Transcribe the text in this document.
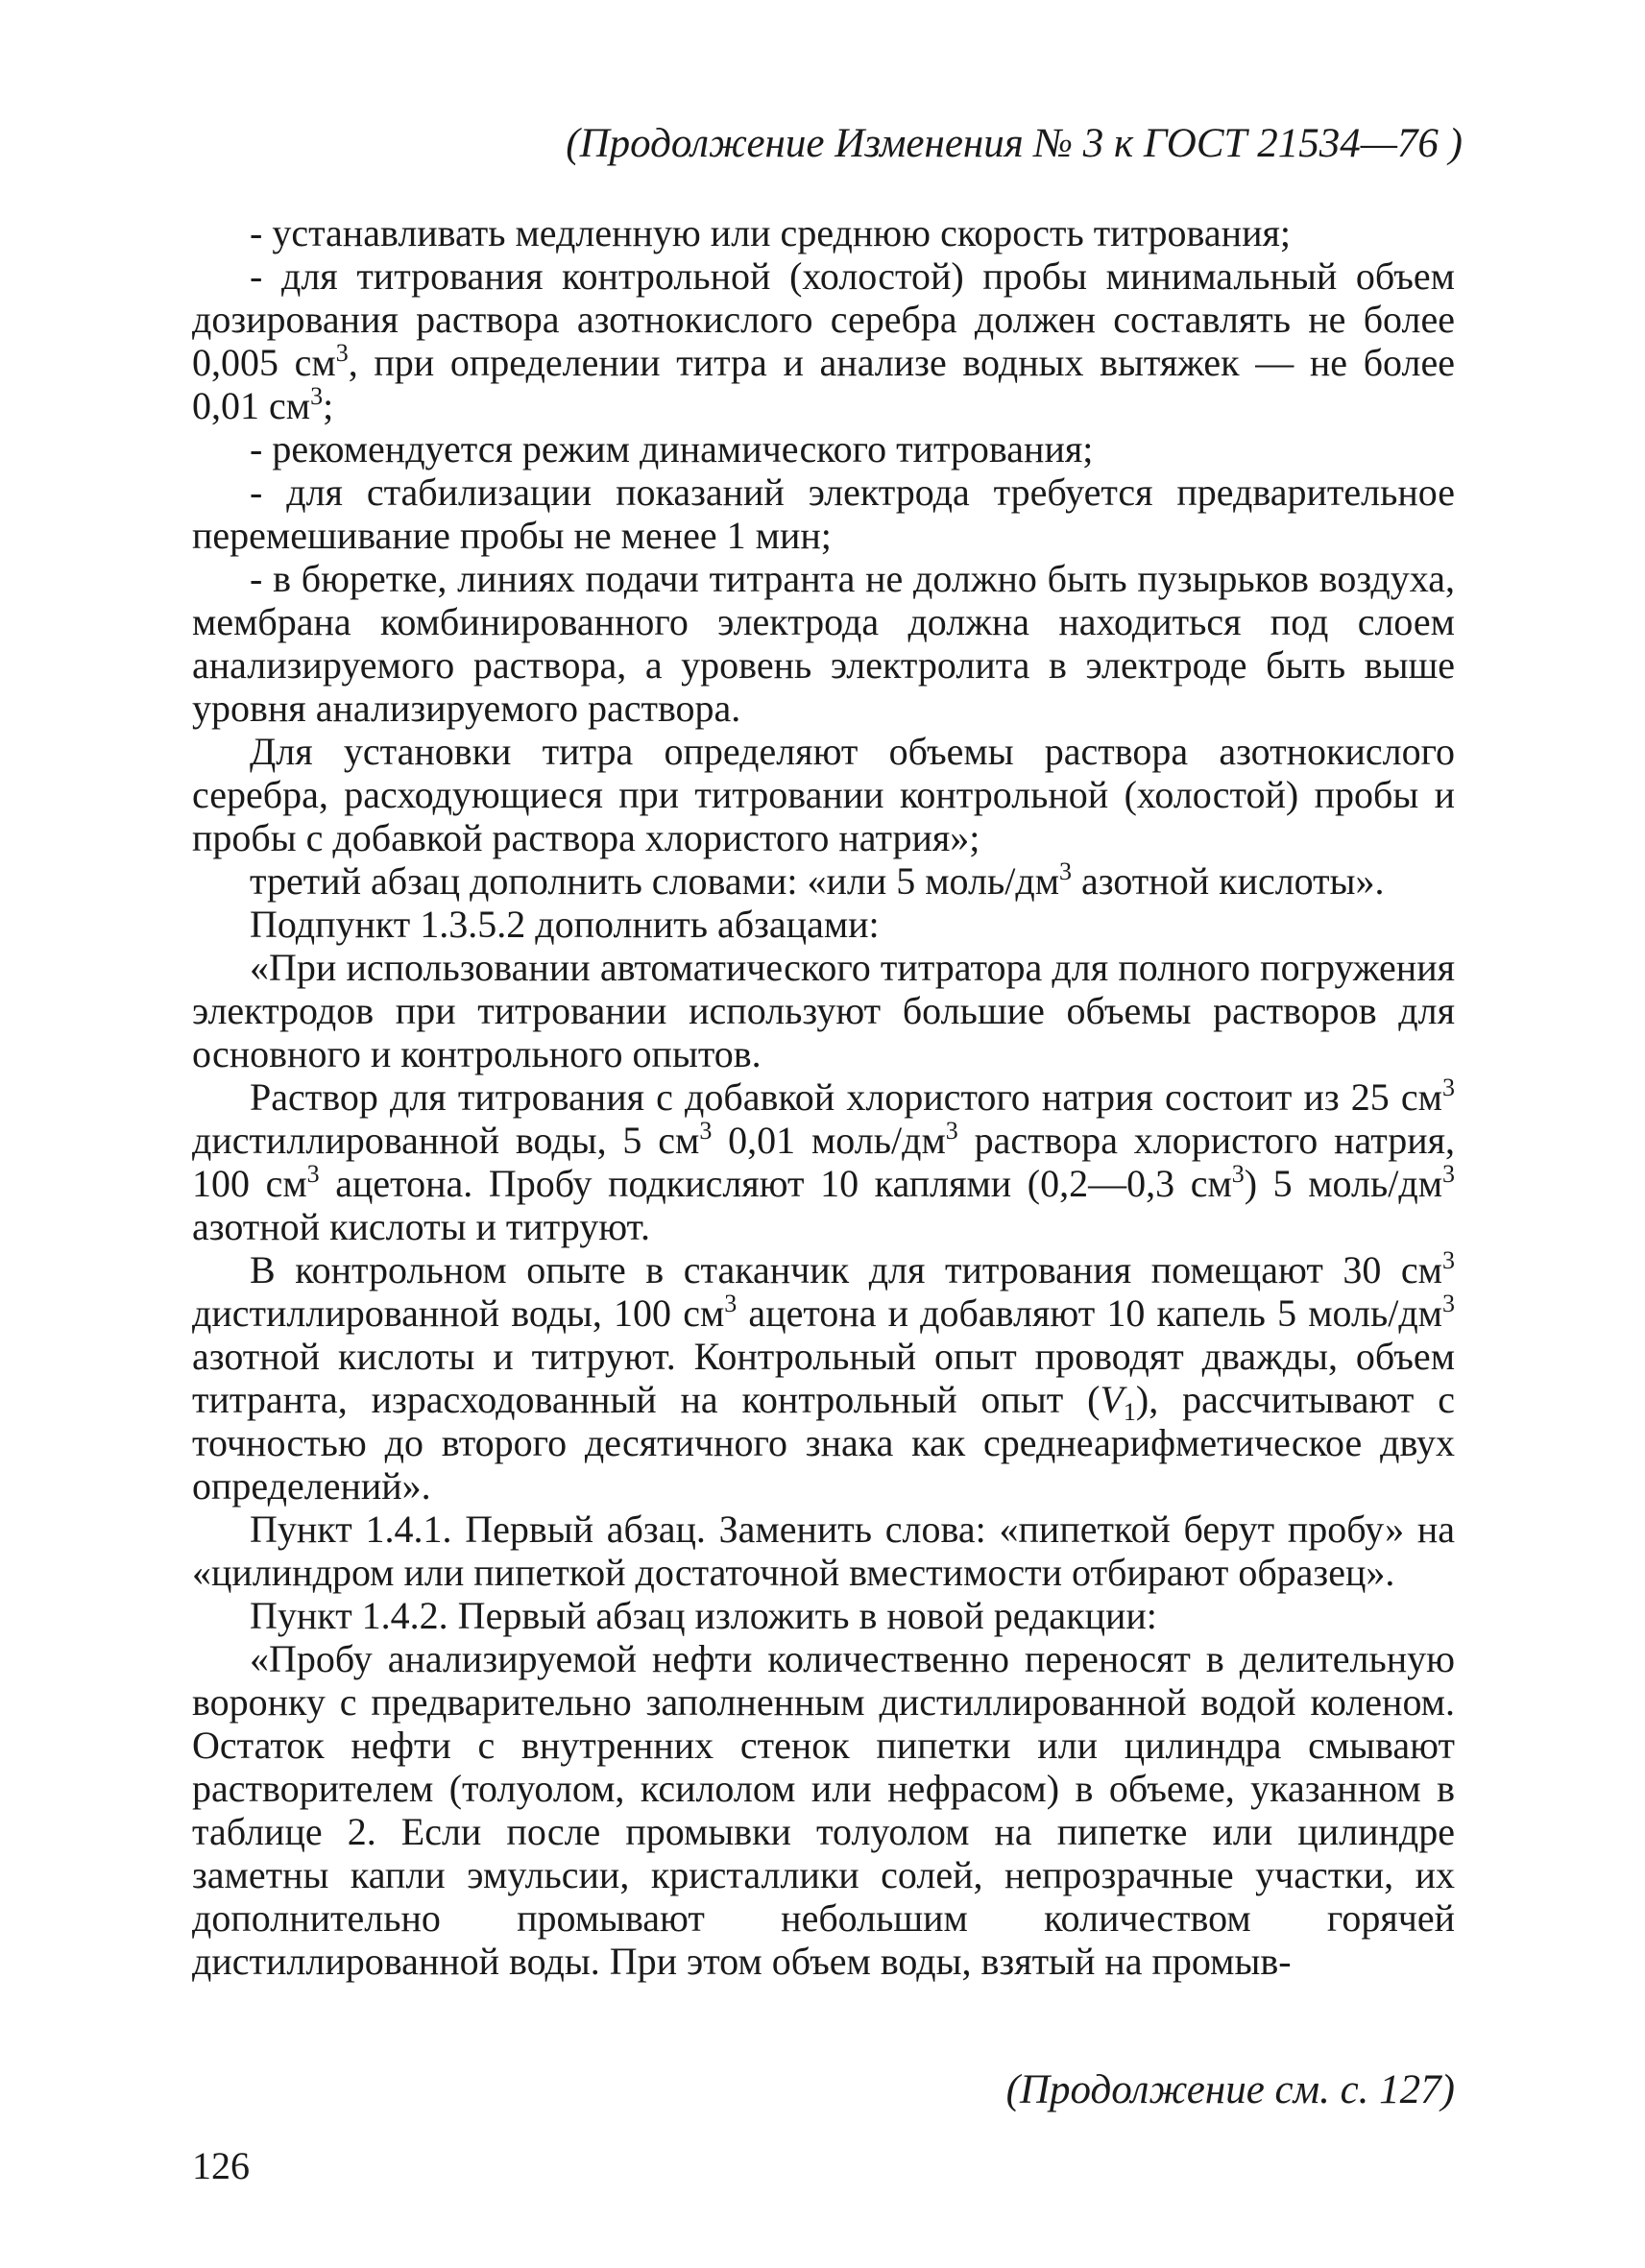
(Продолжение Изменения № 3 к ГОСТ 21534—76 )

- устанавливать медленную или среднюю скорость титрования;

- для титрования контрольной (холостой) пробы минимальный объем дозирования раствора азотнокислого серебра должен составлять не более 0,005 $см^3$, при определении титра и анализе водных вытяжек — не более 0,01 $см^3$;

- рекомендуется режим динамического титрования;

- для стабилизации показаний электрода требуется предварительное перемешивание пробы не менее 1 мин;

- в бюретке, линиях подачи титранта не должно быть пузырьков воздуха, мембрана комбинированного электрода должна находиться под слоем анализируемого раствора, а уровень электролита в электроде быть выше уровня анализируемого раствора.

Для установки титра определяют объемы раствора азотнокислого серебра, расходующиеся при титровании контрольной (холостой) пробы и пробы с добавкой раствора хлористого натрия»;

третий абзац дополнить словами: «или 5 моль/$дм^3$ азотной кислоты».

Подпункт 1.3.5.2 дополнить абзацами:

«При использовании автоматического титратора для полного погружения электродов при титровании используют большие объемы растворов для основного и контрольного опытов.

Раствор для титрования с добавкой хлористого натрия состоит из 25 $см^3$ дистиллированной воды, 5 $см^3$ 0,01 моль/$дм^3$ раствора хлористого натрия, 100 $см^3$ ацетона. Пробу подкисляют 10 каплями (0,2—0,3 $см^3$) 5 моль/$дм^3$ азотной кислоты и титруют.

В контрольном опыте в стаканчик для титрования помещают 30 $см^3$ дистиллированной воды, 100 $см^3$ ацетона и добавляют 10 капель 5 моль/$дм^3$ азотной кислоты и титруют. Контрольный опыт проводят дважды, объем титранта, израсходованный на контрольный опыт $(V_1)$, рассчитывают с точностью до второго десятичного знака как среднеарифметическое двух определений».

Пункт 1.4.1. Первый абзац. Заменить слова: «пипеткой берут пробу» на «цилиндром или пипеткой достаточной вместимости отбирают образец».

Пункт 1.4.2. Первый абзац изложить в новой редакции:

«Пробу анализируемой нефти количественно переносят в делительную воронку с предварительно заполненным дистиллированной водой коленом. Остаток нефти с внутренних стенок пипетки или цилиндра смывают растворителем (толуолом, ксилолом или нефрасом) в объеме, указанном в таблице 2. Если после промывки толуолом на пипетке или цилиндре заметны капли эмульсии, кристаллики солей, непрозрачные участки, их дополнительно промывают небольшим количеством горячей дистиллированной воды. При этом объем воды, взятый на промыв-

(Продолжение см. с. 127)
126
